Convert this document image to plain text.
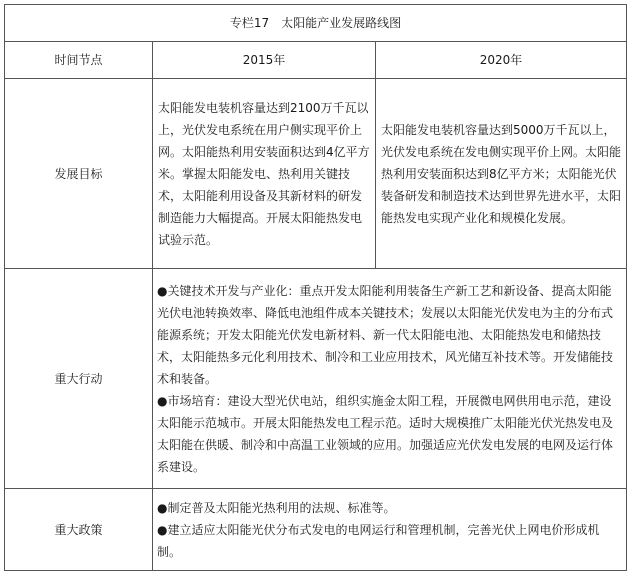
专栏17　太阳能产业发展路线图		
时间节点	2015年	2020年
发展目标	太阳能发电装机容量达到2100万千瓦以上，光伏发电系统在用户侧实现平价上网。太阳能热利用安装面积达到4亿平方米。掌握太阳能发电、热利用关键技术，太阳能利用设备及其新材料的研发制造能力大幅提高。开展太阳能热发电试验示范。	太阳能发电装机容量达到5000万千瓦以上，光伏发电系统在发电侧实现平价上网。太阳能热利用安装面积达到8亿平方米；太阳能光伏装备研发和制造技术达到世界先进水平，太阳能热发电实现产业化和规模化发展。
重大行动	●关键技术开发与产业化：重点开发太阳能利用装备生产新工艺和新设备、提高太阳能光伏电池转换效率、降低电池组件成本关键技术；发展以太阳能光伏发电为主的分布式能源系统；开发太阳能光伏发电新材料、新一代太阳能电池、太阳能热发电和储热技术，太阳能热多元化利用技术、制冷和工业应用技术，风光储互补技术等。开发储能技术和装备。
●市场培育：建设大型光伏电站，组织实施金太阳工程，开展微电网供用电示范，建设太阳能示范城市。开展太阳能热发电工程示范。适时大规模推广太阳能光伏光热发电及太阳能在供暖、制冷和中高温工业领域的应用。加强适应光伏发电发展的电网及运行体系建设。	

重大政策	●制定普及太阳能光热利用的法规、标准等。
●建立适应太阳能光伏分布式发电的电网运行和管理机制，完善光伏上网电价形成机制。	
